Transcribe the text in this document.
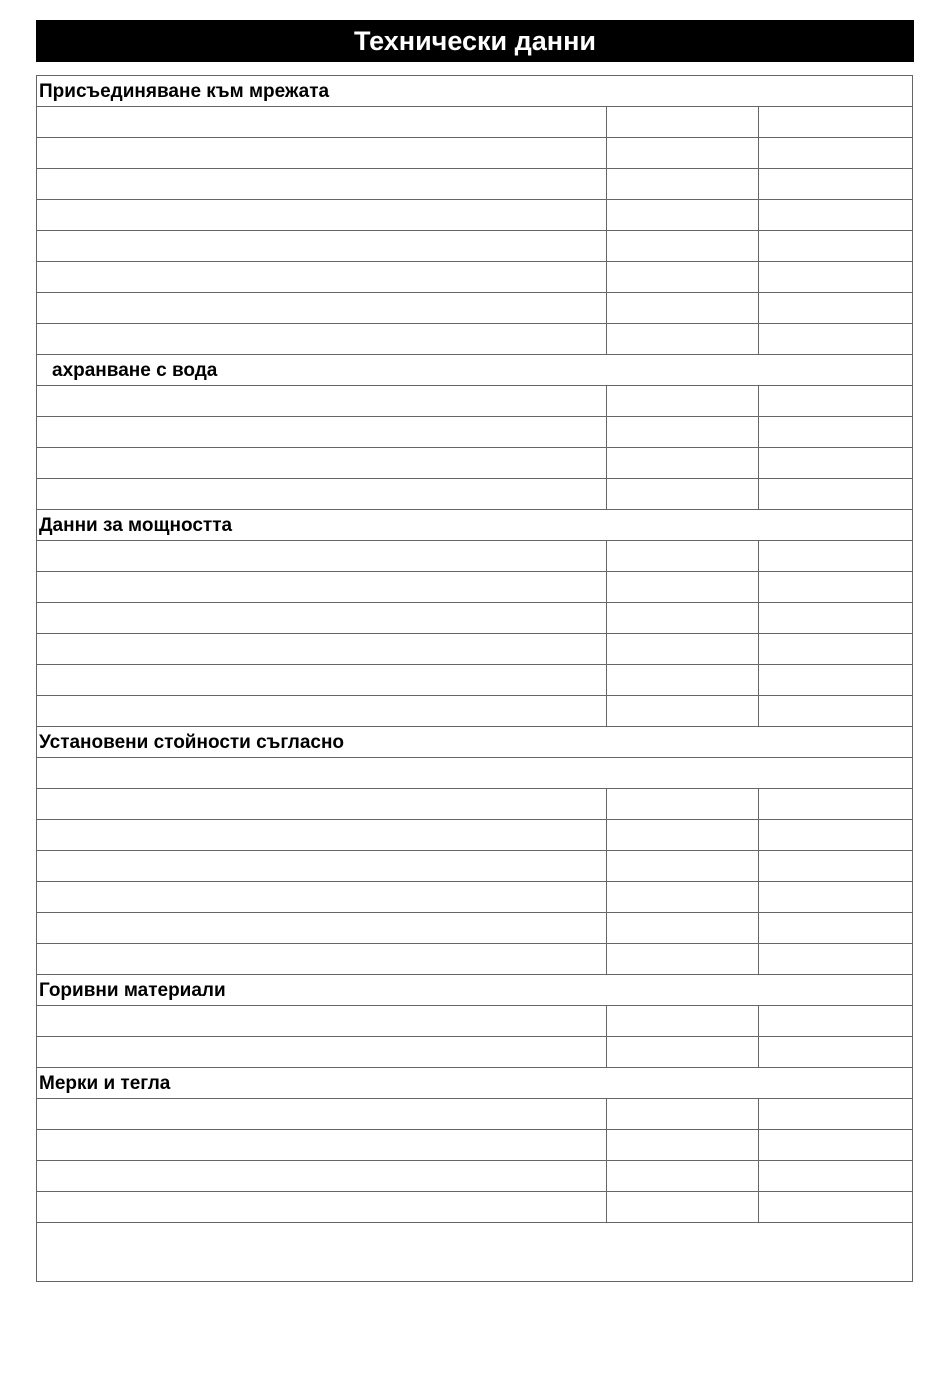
Технически данни
Присъединяване към мрежата		

ахранване с вода		

Данни за мощността		

Установени стойности съгласно		

Горивни материали		

Мерки и тегла		
